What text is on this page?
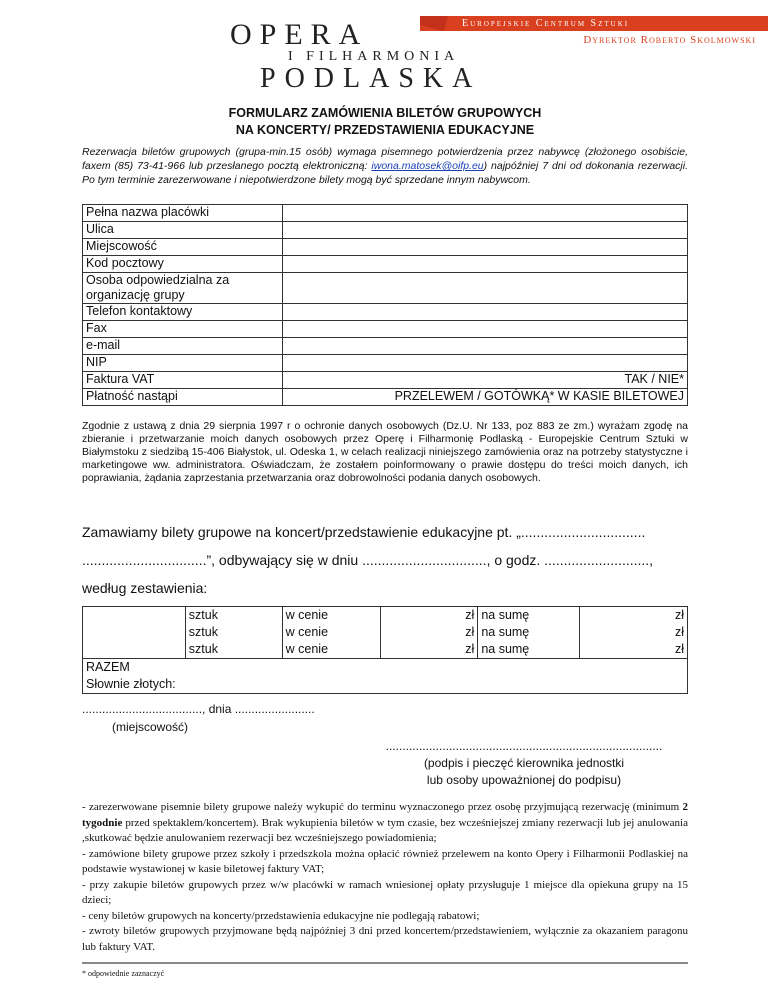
OPERA
I FILHARMONIA
PODLASKA
Europejskie Centrum Sztuki
Dyrektor Roberto Skolmowski
FORMULARZ ZAMÓWIENIA BILETÓW GRUPOWYCH
NA KONCERTY/ PRZEDSTAWIENIA EDUKACYJNE
Rezerwacja biletów grupowych (grupa-min.15 osób) wymaga pisemnego potwierdzenia przez nabywcę (złożonego osobiście, faxem (85) 73-41-966 lub przesłanego pocztą elektroniczną: iwona.matosek@oifp.eu) najpóźniej 7 dni od dokonania rezerwacji. Po tym terminie zarezerwowane i niepotwierdzone bilety mogą być sprzedane innym nabywcom.
Pełna nazwa placówki	
Ulica	
Miejscowość	
Kod pocztowy	
Osoba odpowiedzialna za organizację grupy	
Telefon kontaktowy	
Fax	
e-mail	
NIP	
Faktura VAT	TAK / NIE*
Płatność nastąpi	PRZELEWEM / GOTÓWKĄ* W KASIE BILETOWEJ
Zgodnie z ustawą z dnia 29 sierpnia 1997 r o ochronie danych osobowych (Dz.U. Nr 133, poz 883 ze zm.) wyrażam zgodę na zbieranie i przetwarzanie moich danych osobowych przez Operę i Filharmonię Podlaską - Europejskie Centrum Sztuki w Białymstoku z siedzibą 15-406 Białystok, ul. Odeska 1, w celach realizacji niniejszego zamówienia oraz na potrzeby statystyczne i marketingowe ww. administratora. Oświadczam, że zostałem poinformowany o prawie dostępu do treści moich danych, ich poprawiania, żądania zaprzestania przetwarzania oraz dobrowolności podania danych osobowych.
Zamawiamy bilety grupowe na koncert/przedstawienie edukacyjne pt. „................................
................................”, odbywający się w dniu ................................, o godz. ...........................,
według zestawienia:
	sztuk	w cenie	zł	na sumę	zł
	sztuk	w cenie	zł	na sumę	zł
	sztuk	w cenie	zł	na sumę	zł
RAZEM					
Słownie złotych:					
...................................., dnia ........................
(miejscowość)
...................................................................................
(podpis i pieczęć kierownika jednostki
lub osoby upoważnionej do podpisu)
- zarezerwowane pisemnie bilety grupowe należy wykupić do terminu wyznaczonego przez osobę przyjmującą rezerwację (minimum 2 tygodnie przed spektaklem/koncertem). Brak wykupienia biletów w tym czasie, bez wcześniejszej zmiany rezerwacji lub jej anulowania ,skutkować będzie anulowaniem rezerwacji bez wcześniejszego powiadomienia;
- zamówione bilety grupowe przez szkoły i przedszkola można opłacić również przelewem na konto Opery i Filharmonii Podlaskiej na podstawie wystawionej w kasie biletowej faktury VAT;
- przy zakupie biletów grupowych przez w/w placówki w ramach wniesionej opłaty przysługuje 1 miejsce dla opiekuna grupy na 15 dzieci;
- ceny biletów grupowych na koncerty/przedstawienia edukacyjne nie podlegają rabatowi;
- zwroty biletów grupowych przyjmowane będą najpóźniej 3 dni przed koncertem/przedstawieniem, wyłącznie za okazaniem paragonu lub faktury VAT.
* odpowiednie zaznaczyć
